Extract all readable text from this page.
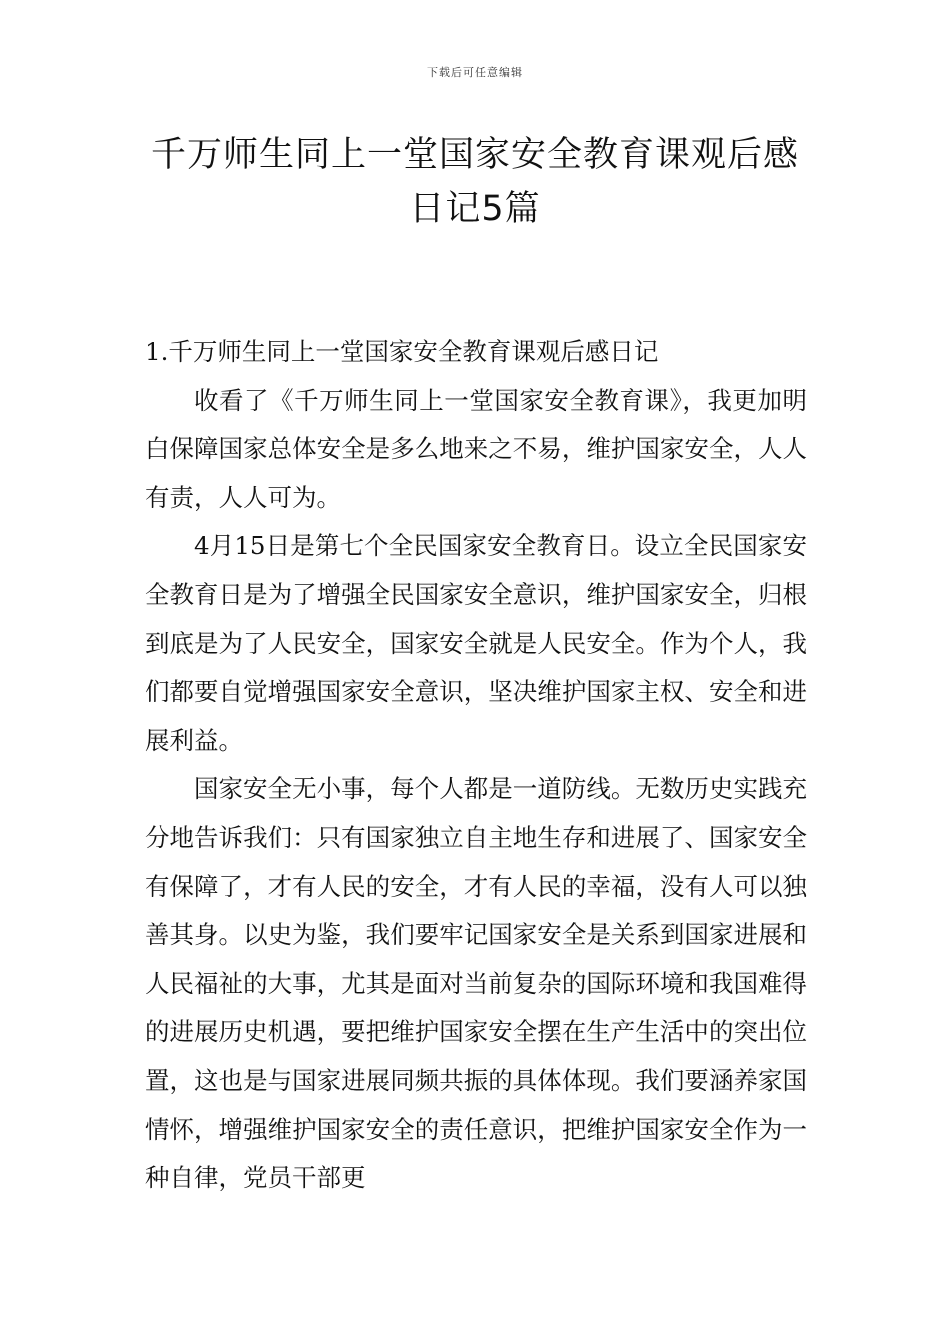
下载后可任意编辑
千万师生同上一堂国家安全教育课观后感日记5篇

1.千万师生同上一堂国家安全教育课观后感日记

收看了《千万师生同上一堂国家安全教育课》，我更加明白保障国家总体安全是多么地来之不易，维护国家安全，人人有责，人人可为。

4月15日是第七个全民国家安全教育日。设立全民国家安全教育日是为了增强全民国家安全意识，维护国家安全，归根到底是为了人民安全，国家安全就是人民安全。作为个人，我们都要自觉增强国家安全意识，坚决维护国家主权、安全和进展利益。

国家安全无小事，每个人都是一道防线。无数历史实践充分地告诉我们：只有国家独立自主地生存和进展了、国家安全有保障了，才有人民的安全，才有人民的幸福，没有人可以独善其身。以史为鉴，我们要牢记国家安全是关系到国家进展和人民福祉的大事，尤其是面对当前复杂的国际环境和我国难得的进展历史机遇，要把维护国家安全摆在生产生活中的突出位置，这也是与国家进展同频共振的具体体现。我们要涵养家国情怀，增强维护国家安全的责任意识，把维护国家安全作为一种自律，党员干部更
